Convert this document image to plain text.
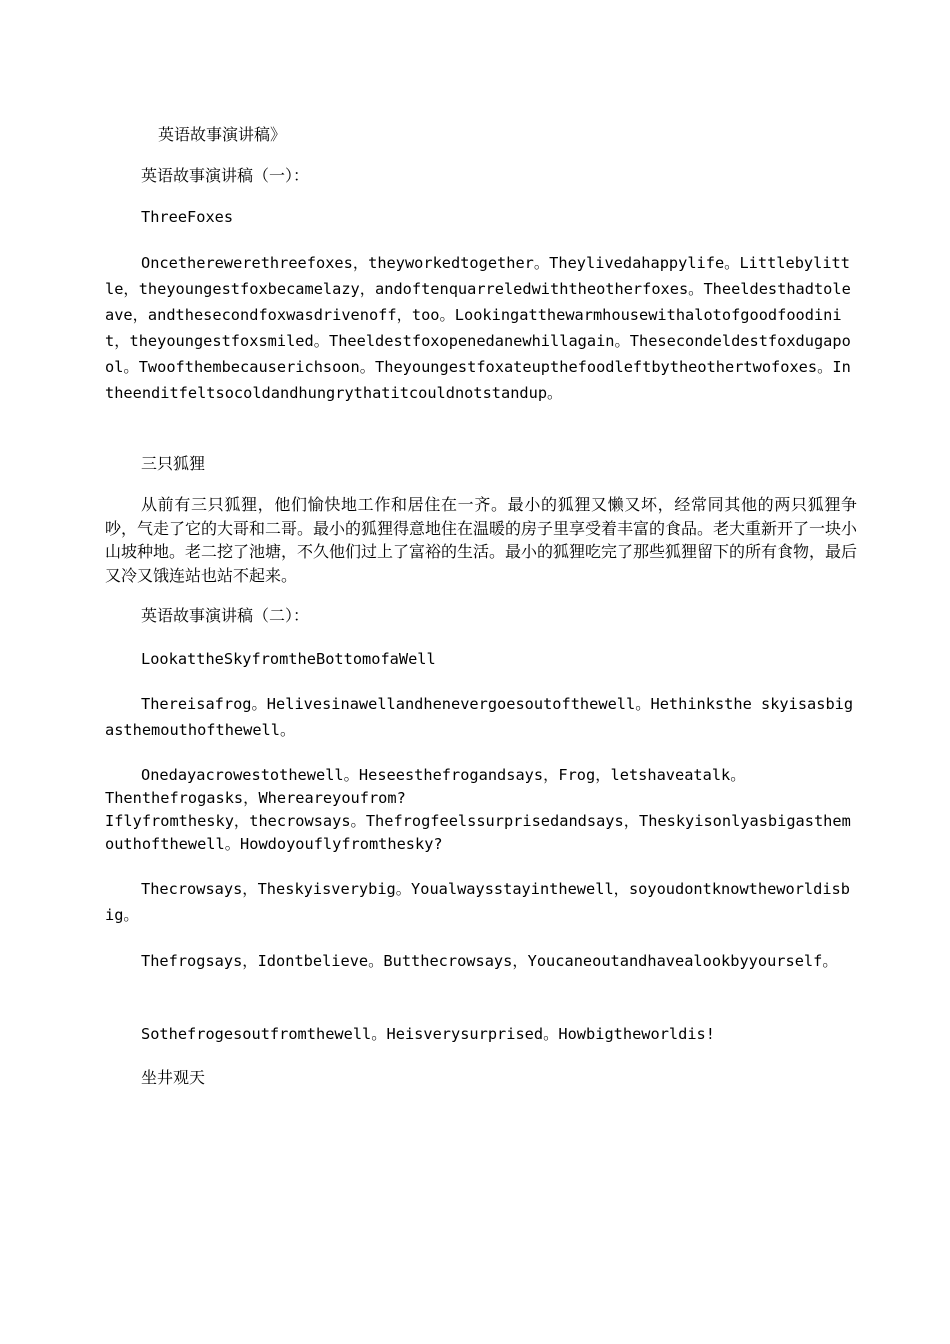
英语故事演讲稿》

英语故事演讲稿（一）：

ThreeFoxes

Oncetherewerethreefoxes，theyworkedtogether。Theylivedahappylife。Littlebylittle，theyoungestfoxbecamelazy，andoftenquarreledwiththeotherfoxes。Theeldesthadtoleave，andthesecondfoxwasdrivenoff，too。Lookingatthewarmhousewithalotofgoodfoodinit，theyoungestfoxsmiled。Theeldestfoxopenedanewhillagain。Thesecondeldestfoxdugapool。Twoofthembecauserichsoon。Theyoungestfoxateupthefoodleftbytheothertwofoxes。Intheenditfeltsocoldandhungrythatitcouldnotstandup。

三只狐狸

从前有三只狐狸，他们愉快地工作和居住在一齐。最小的狐狸又懒又坏，经常同其他的两只狐狸争吵，气走了它的大哥和二哥。最小的狐狸得意地住在温暖的房子里享受着丰富的食品。老大重新开了一块小山坡种地。老二挖了池塘，不久他们过上了富裕的生活。最小的狐狸吃完了那些狐狸留下的所有食物，最后又冷又饿连站也站不起来。

英语故事演讲稿（二）：

LookattheSkyfromtheBottomofaWell

Thereisafrog。Helivesinawellandhenevergoesoutofthewell。Hethinksthe skyisasbigasthemouthofthewell。

Onedayacrowestothewell。Heseesthefrogandsays，Frog，letshaveatalk。

Thenthefrogasks，Whereareyoufrom?

Iflyfromthesky，thecrowsays。Thefrogfeelssurprisedandsays，Theskyisonlyasbigasthemouthofthewell。Howdoyouflyfromthesky?

Thecrowsays，Theskyisverybig。Youalwaysstayinthewell，soyoudontknowtheworldisbig。

Thefrogsays，Idontbelieve。Butthecrowsays，Youcaneoutandhavealookbyyourself。

Sothefrogesoutfromthewell。Heisverysurprised。Howbigtheworldis!

坐井观天
